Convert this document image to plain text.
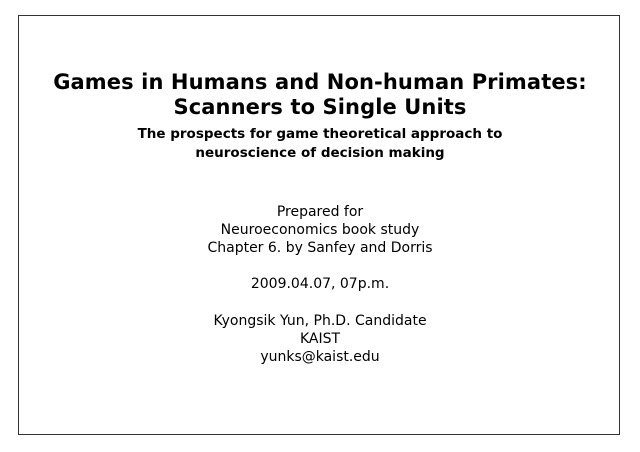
Games in Humans and Non-human Primates:
Scanners to Single Units
The prospects for game theoretical approach to
neuroscience of decision making
Prepared for
Neuroeconomics book study
Chapter 6. by Sanfey and Dorris
2009.04.07, 07p.m.
Kyongsik Yun, Ph.D. Candidate
KAIST
yunks@kaist.edu
